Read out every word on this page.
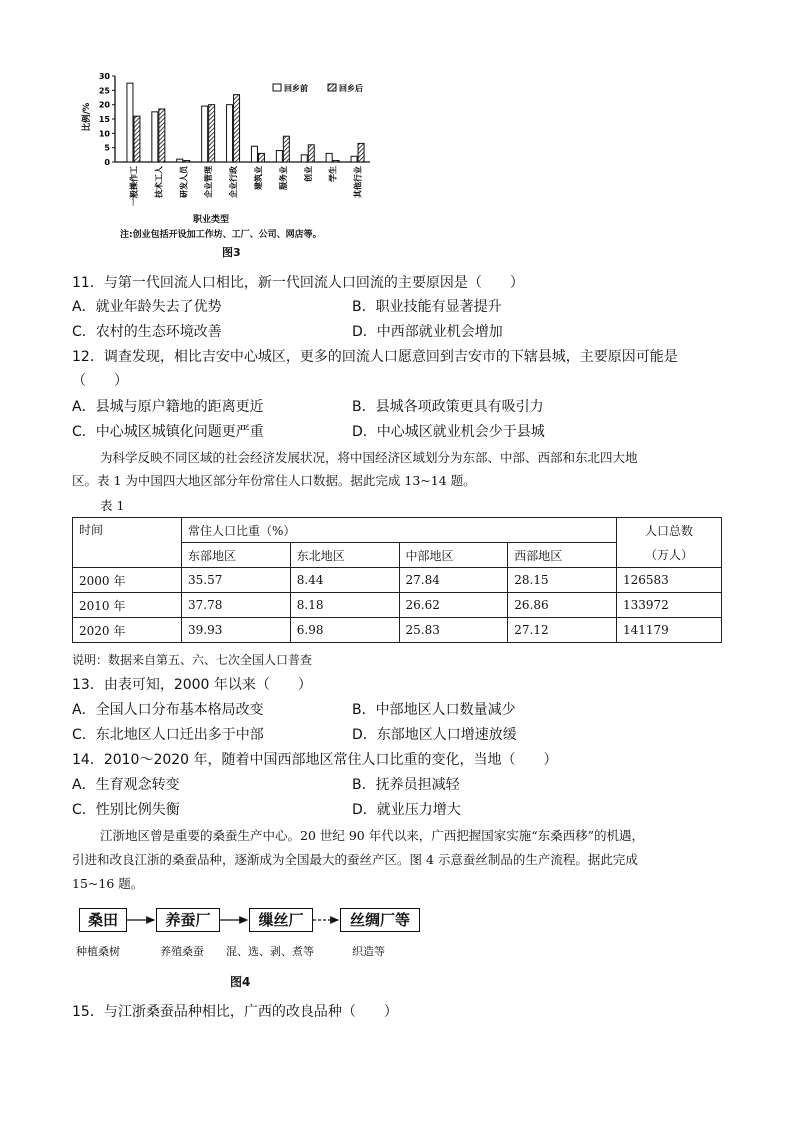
0
5
10
15
20
25
30
一般操作工 技术工人 研发人员 企业管理 企业行政 建筑业 服务业 创业 学生 其他行业
比例/%
回乡前	回乡后
职业类型
注:创业包括开设加工作坊、工厂、公司、网店等。
图3
11．与第一代回流人口相比，新一代回流人口回流的主要原因是（　　）
A．就业年龄失去了优势	B．职业技能有显著提升
C．农村的生态环境改善	D．中西部就业机会增加
12．调查发现，相比吉安中心城区，更多的回流人口愿意回到吉安市的下辖县城，主要原因可能是
（　　）
A．县城与原户籍地的距离更近	B．县城各项政策更具有吸引力
C．中心城区城镇化问题更严重	D．中心城区就业机会少于县城
为科学反映不同区域的社会经济发展状况，将中国经济区域划分为东部、中部、西部和东北四大地
区。表 1 为中国四大地区部分年份常住人口数据。据此完成 13~14 题。
表 1
时间	常住人口比重（%）				人口总数
（万人）

	东部地区	东北地区	中部地区	西部地区	
2000 年	35.57	8.44	27.84	28.15	126583
2010 年	37.78	8.18	26.62	26.86	133972
2020 年	39.93	6.98	25.83	27.12	141179
说明：数据来自第五、六、七次全国人口普查
13．由表可知，2000 年以来（　　）
A．全国人口分布基本格局改变	B．中部地区人口数量减少
C．东北地区人口迁出多于中部	D．东部地区人口增速放缓
14．2010～2020 年，随着中国西部地区常住人口比重的变化，当地（　　）
A．生育观念转变	B．抚养员担减轻
C．性别比例失衡	D．就业压力增大
江浙地区曾是重要的桑蚕生产中心。20 世纪 90 年代以来，广西把握国家实施“东桑西移”的机遇，
引进和改良江浙的桑蚕品种，逐渐成为全国最大的蚕丝产区。图 4 示意蚕丝制品的生产流程。据此完成
15~16 题。
桑田	养蚕厂	缫丝厂	丝绸厂等
种植桑树	养殖桑蚕 混、选、剥、煮等	织造等
图4
15．与江浙桑蚕品种相比，广西的改良品种（　　）
